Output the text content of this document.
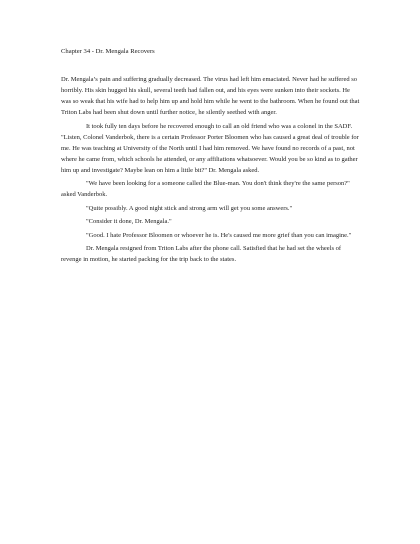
Chapter 34 - Dr. Mengala Recovers

Dr. Mengala’s pain and suffering gradually decreased. The virus had left him emaciated. Never had he suffered so horribly. His skin hugged his skull, several teeth had fallen out, and his eyes were sunken into their sockets. He was so weak that his wife had to help him up and hold him while he went to the bathroom. When he found out that Triton Labs had been shut down until further notice, he silently seethed with anger.

It took fully ten days before he recovered enough to call an old friend who was a colonel in the SADF. "Listen, Colonel Vanderbok, there is a certain Professor Porter Bloomen who has caused a great deal of trouble for me. He was teaching at University of the North until I had him removed. We have found no records of a past, not where he came from, which schools he attended, or any affiliations whatsoever. Would you be so kind as to gather him up and investigate? Maybe lean on him a little bit?" Dr. Mengala asked.

"We have been looking for a someone called the Blue-man. You don't think they're the same person?" asked Vanderbok.

"Quite possibly. A good night stick and strong arm will get you some answers."

"Consider it done, Dr. Mengala."

"Good. I hate Professor Bloomen or whoever he is. He's caused me more grief than you can imagine."

Dr. Mengala resigned from Triton Labs after the phone call. Satisfied that he had set the wheels of revenge in motion, he started packing for the trip back to the states.
